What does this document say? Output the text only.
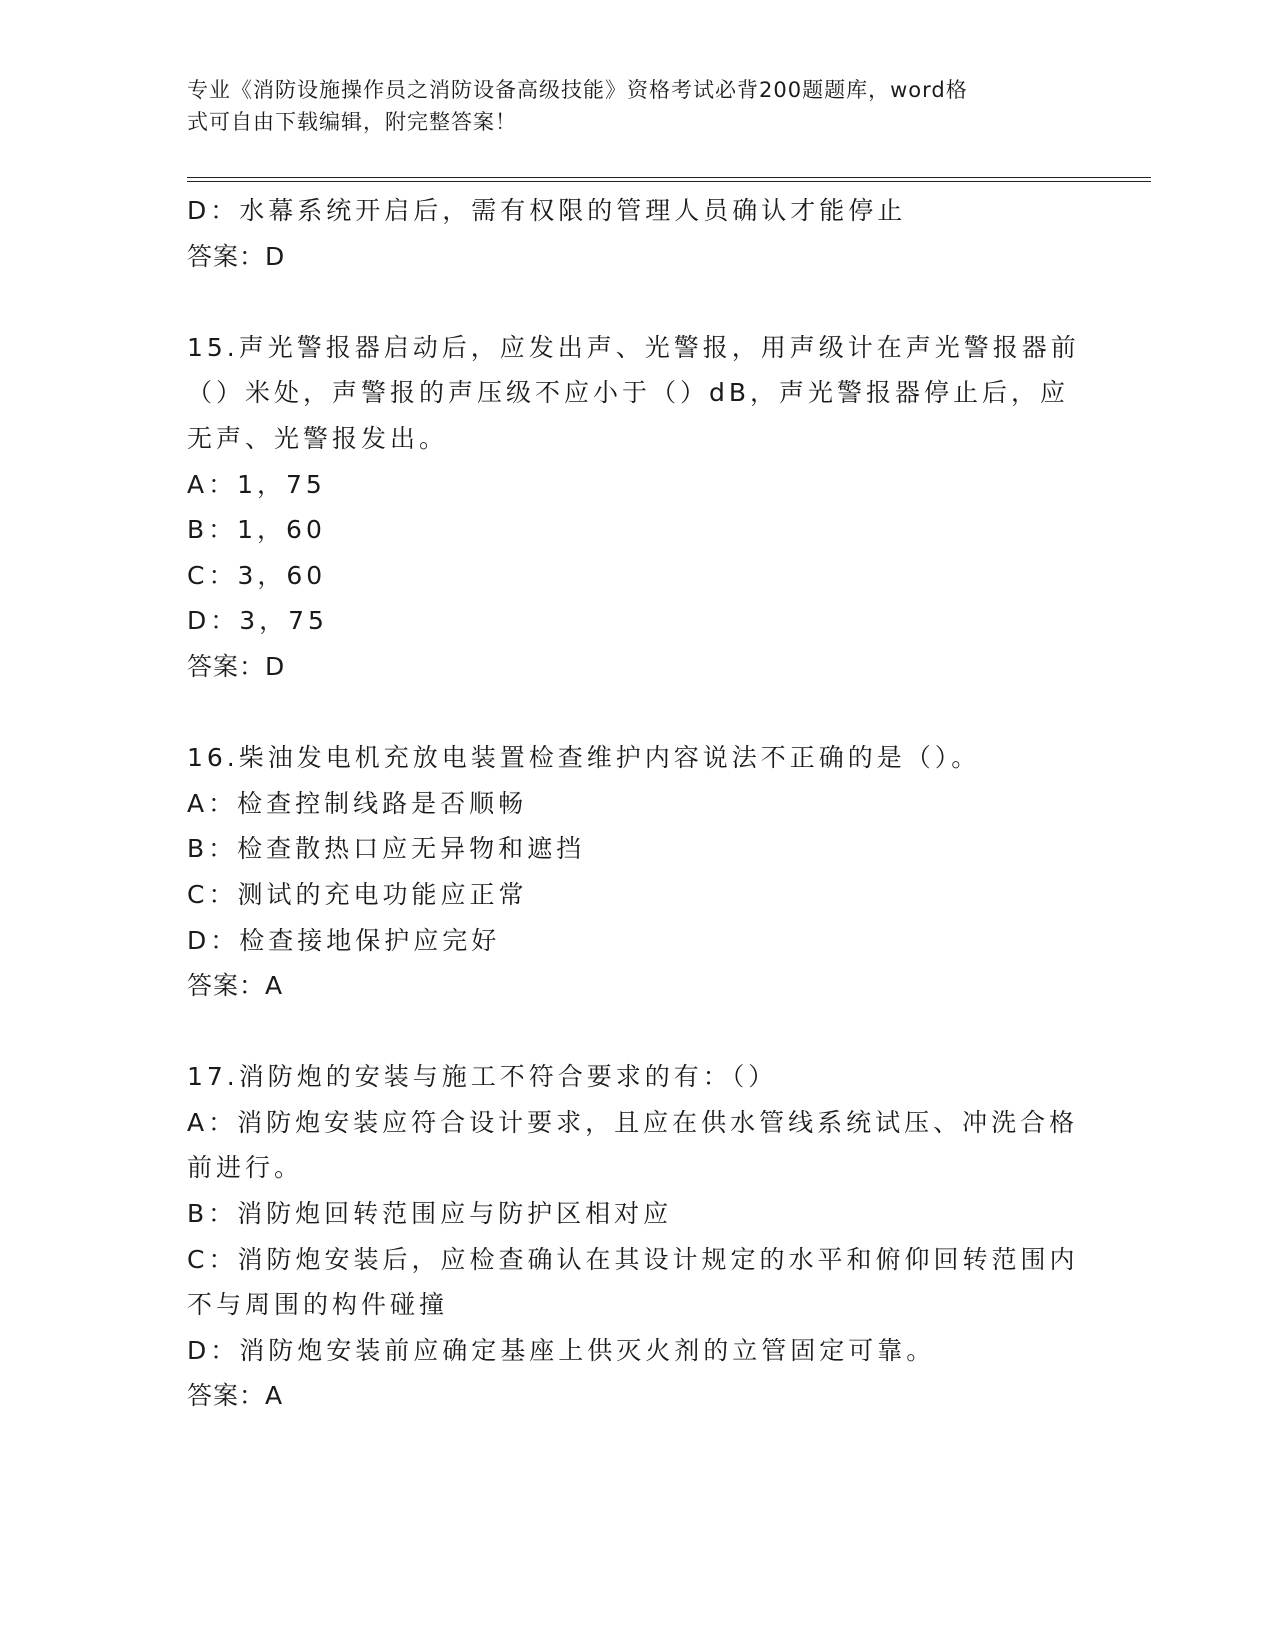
专业《消防设施操作员之消防设备高级技能》资格考试必背200题题库，word格
式可自由下载编辑，附完整答案！
D：水幕系统开启后，需有权限的管理人员确认才能停止
答案：D
15.声光警报器启动后，应发出声、光警报，用声级计在声光警报器前
（）米处，声警报的声压级不应小于（）dB，声光警报器停止后，应
无声、光警报发出。
A：1，75
B：1，60
C：3，60
D：3，75
答案：D
16.柴油发电机充放电装置检查维护内容说法不正确的是（）。
A：检查控制线路是否顺畅
B：检查散热口应无异物和遮挡
C：测试的充电功能应正常
D：检查接地保护应完好
答案：A
17.消防炮的安装与施工不符合要求的有：（）
A：消防炮安装应符合设计要求，且应在供水管线系统试压、冲洗合格
前进行。
B：消防炮回转范围应与防护区相对应
C：消防炮安装后，应检查确认在其设计规定的水平和俯仰回转范围内
不与周围的构件碰撞
D：消防炮安装前应确定基座上供灭火剂的立管固定可靠。
答案：A
